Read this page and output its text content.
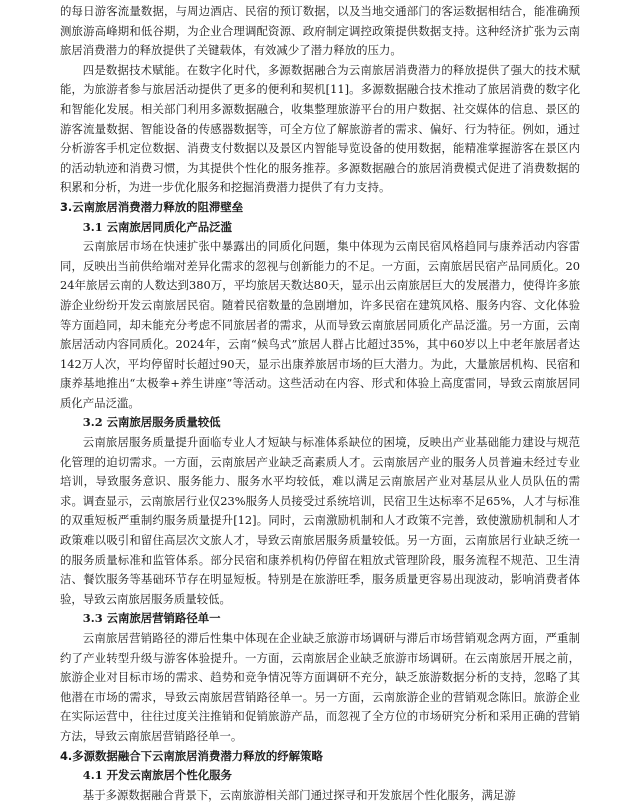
的每日游客流量数据，与周边酒店、民宿的预订数据，以及当地交通部门的客运数据相结合，能准确预测旅游高峰期和低谷期，为企业合理调配资源、政府制定调控政策提供数据支持。这种经济扩张为云南旅居消费潜力的释放提供了关键载体，有效减少了潜力释放的压力。

四是数据技术赋能。在数字化时代，多源数据融合为云南旅居消费潜力的释放提供了强大的技术赋能，为旅游者参与旅居活动提供了更多的便利和契机[11]。多源数据融合技术推动了旅居消费的数字化和智能化发展。相关部门利用多源数据融合，收集整理旅游平台的用户数据、社交媒体的信息、景区的游客流量数据、智能设备的传感器数据等，可全方位了解旅游者的需求、偏好、行为特征。例如，通过分析游客手机定位数据、消费支付数据以及景区内智能导览设备的使用数据，能精准掌握游客在景区内的活动轨迹和消费习惯，为其提供个性化的服务推荐。多源数据融合的旅居消费模式促进了消费数据的积累和分析，为进一步优化服务和挖掘消费潜力提供了有力支持。

3.云南旅居消费潜力释放的阻滞壁垒
3.1 云南旅居同质化产品泛滥

云南旅居市场在快速扩张中暴露出的同质化问题，集中体现为云南民宿风格趋同与康养活动内容雷同，反映出当前供给端对差异化需求的忽视与创新能力的不足。一方面，云南旅居民宿产品同质化。2024年旅居云南的人数达到380万，平均旅居天数达80天，显示出云南旅居巨大的发展潜力，使得许多旅游企业纷纷开发云南旅居民宿。随着民宿数量的急剧增加，许多民宿在建筑风格、服务内容、文化体验等方面趋同，却未能充分考虑不同旅居者的需求，从而导致云南旅居同质化产品泛滥。另一方面，云南旅居活动内容同质化。2024年，云南“候鸟式”旅居人群占比超过35%，其中60岁以上中老年旅居者达142万人次，平均停留时长超过90天，显示出康养旅居市场的巨大潜力。为此，大量旅居机构、民宿和康养基地推出“太极拳+养生讲座”等活动。这些活动在内容、形式和体验上高度雷同，导致云南旅居同质化产品泛滥。

3.2 云南旅居服务质量较低

云南旅居服务质量提升面临专业人才短缺与标准体系缺位的困境，反映出产业基础能力建设与规范化管理的迫切需求。一方面，云南旅居产业缺乏高素质人才。云南旅居产业的服务人员普遍未经过专业培训，导致服务意识、服务能力、服务水平均较低，难以满足云南旅居产业对基层从业人员队伍的需求。调查显示，云南旅居行业仅23%服务人员接受过系统培训，民宿卫生达标率不足65%，人才与标准的双重短板严重制约服务质量提升[12]。同时，云南激励机制和人才政策不完善，致使激励机制和人才政策难以吸引和留住高层次文旅人才，导致云南旅居服务质量较低。另一方面，云南旅居行业缺乏统一的服务质量标准和监管体系。部分民宿和康养机构仍停留在粗放式管理阶段，服务流程不规范、卫生清洁、餐饮服务等基础环节存在明显短板。特别是在旅游旺季，服务质量更容易出现波动，影响消费者体验，导致云南旅居服务质量较低。

3.3 云南旅居营销路径单一

云南旅居营销路径的滞后性集中体现在企业缺乏旅游市场调研与滞后市场营销观念两方面，严重制约了产业转型升级与游客体验提升。一方面，云南旅居企业缺乏旅游市场调研。在云南旅居开展之前，旅游企业对目标市场的需求、趋势和竞争情况等方面调研不充分，缺乏旅游数据分析的支持，忽略了其他潜在市场的需求，导致云南旅居营销路径单一。另一方面，云南旅游企业的营销观念陈旧。旅游企业在实际运营中，往往过度关注推销和促销旅游产品，而忽视了全方位的市场研究分析和采用正确的营销方法，导致云南旅居营销路径单一。

4.多源数据融合下云南旅居消费潜力释放的纾解策略
4.1 开发云南旅居个性化服务

基于多源数据融合背景下，云南旅游相关部门通过探寻和开发旅居个性化服务，满足游
